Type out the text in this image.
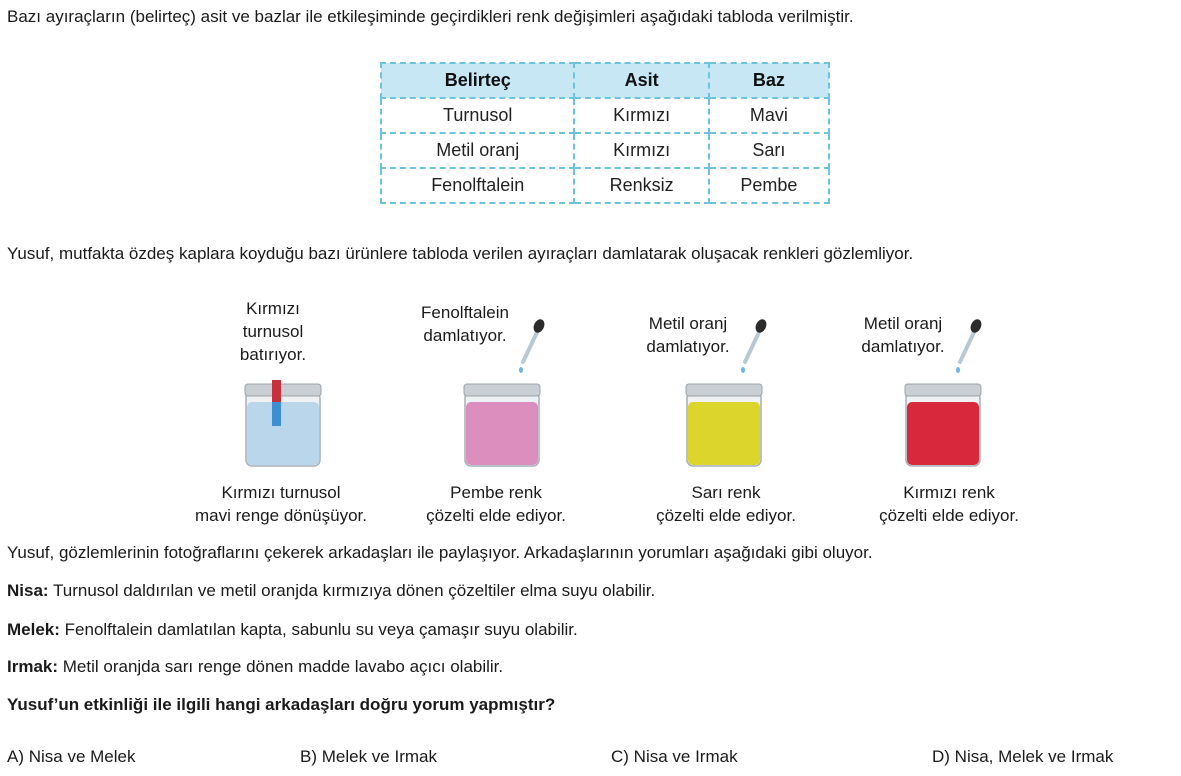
Bazı ayıraçların (belirteç) asit ve bazlar ile etkileşiminde geçirdikleri renk değişimleri aşağıdaki tabloda verilmiştir.
Belirteç	Asit	Baz
Turnusol	Kırmızı	Mavi
Metil oranj	Kırmızı	Sarı
Fenolftalein	Renksiz	Pembe
Yusuf, mutfakta özdeş kaplara koyduğu bazı ürünlere tabloda verilen ayıraçları damlatarak oluşacak renkleri gözlemliyor.
Kırmızı
turnusol
batırıyor.
Kırmızı turnusol
mavi renge dönüşüyor.
Fenolftalein
damlatıyor.
Pembe renk
çözelti elde ediyor.
Metil oranj
damlatıyor.
Sarı renk
çözelti elde ediyor.
Metil oranj
damlatıyor.
Kırmızı renk
çözelti elde ediyor.
Yusuf, gözlemlerinin fotoğraflarını çekerek arkadaşları ile paylaşıyor. Arkadaşlarının yorumları aşağıdaki gibi oluyor.
Nisa: Turnusol daldırılan ve metil oranjda kırmızıya dönen çözeltiler elma suyu olabilir.
Melek: Fenolftalein damlatılan kapta, sabunlu su veya çamaşır suyu olabilir.
Irmak: Metil oranjda sarı renge dönen madde lavabo açıcı olabilir.
Yusuf’un etkinliği ile ilgili hangi arkadaşları doğru yorum yapmıştır?
A) Nisa ve Melek	B) Melek ve Irmak	C) Nisa ve Irmak	D) Nisa, Melek ve Irmak
